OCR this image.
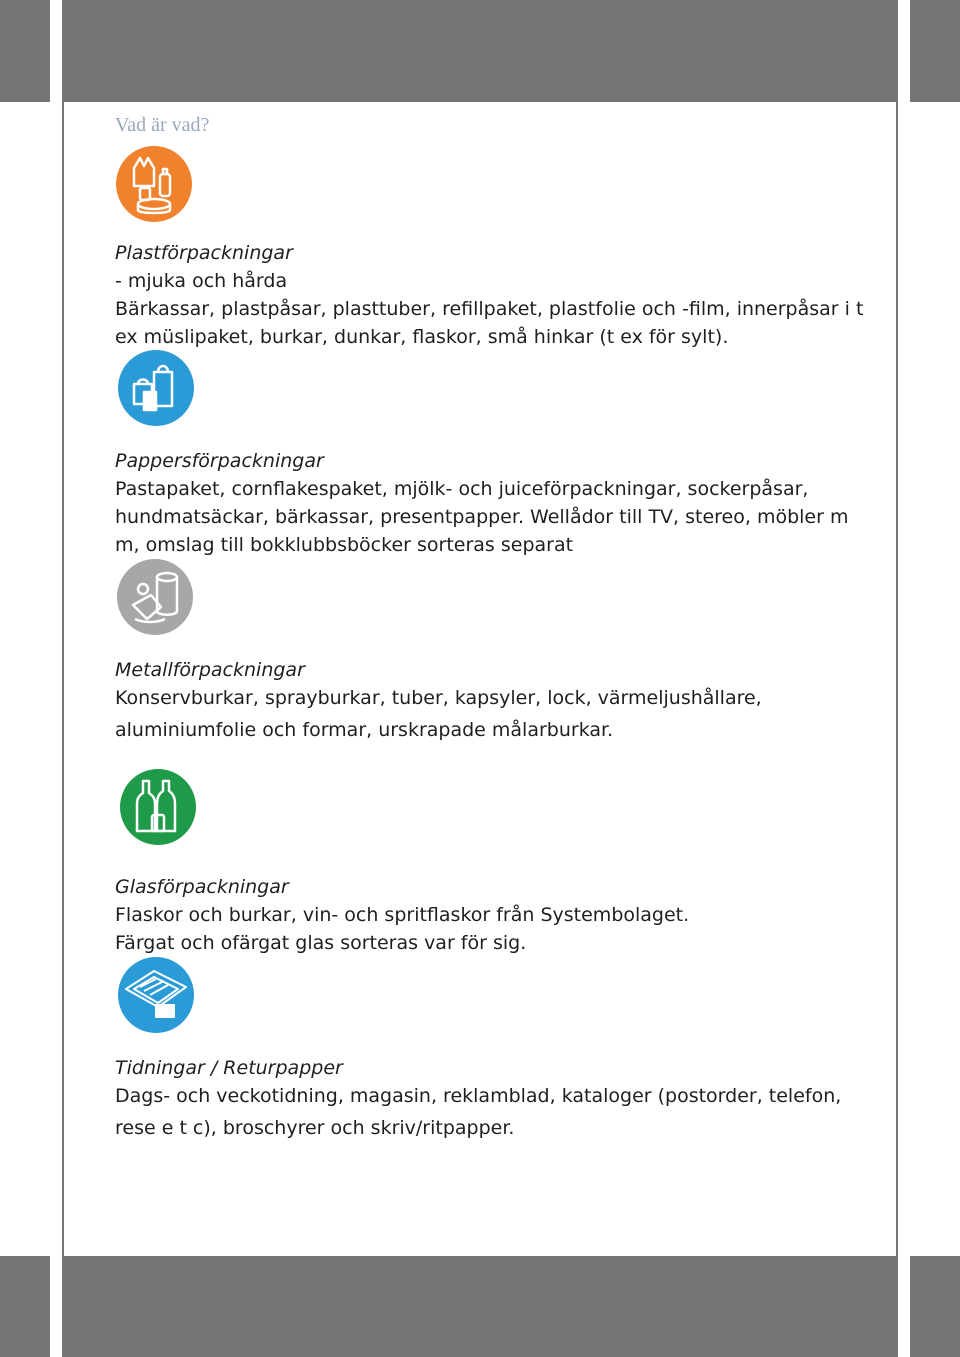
Vad är vad?
Plastförpackningar
- mjuka och hårda
Bärkassar, plastpåsar, plasttuber, refillpaket, plastfolie och -film, innerpåsar i t
ex müslipaket, burkar, dunkar, flaskor, små hinkar (t ex för sylt).
Pappersförpackningar
Pastapaket, cornflakespaket, mjölk- och juiceförpackningar, sockerpåsar,
hundmatsäckar, bärkassar, presentpapper. Wellådor till TV, stereo, möbler m
m, omslag till bokklubbsböcker sorteras separat
Metallförpackningar
Konservburkar, sprayburkar, tuber, kapsyler, lock, värmeljushållare,
aluminiumfolie och formar, urskrapade målarburkar.
Glasförpackningar
Flaskor och burkar, vin- och spritflaskor från Systembolaget.
Färgat och ofärgat glas sorteras var för sig.
Tidningar / Returpapper
Dags- och veckotidning, magasin, reklamblad, kataloger (postorder, telefon,
rese e t c), broschyrer och skriv/ritpapper.
